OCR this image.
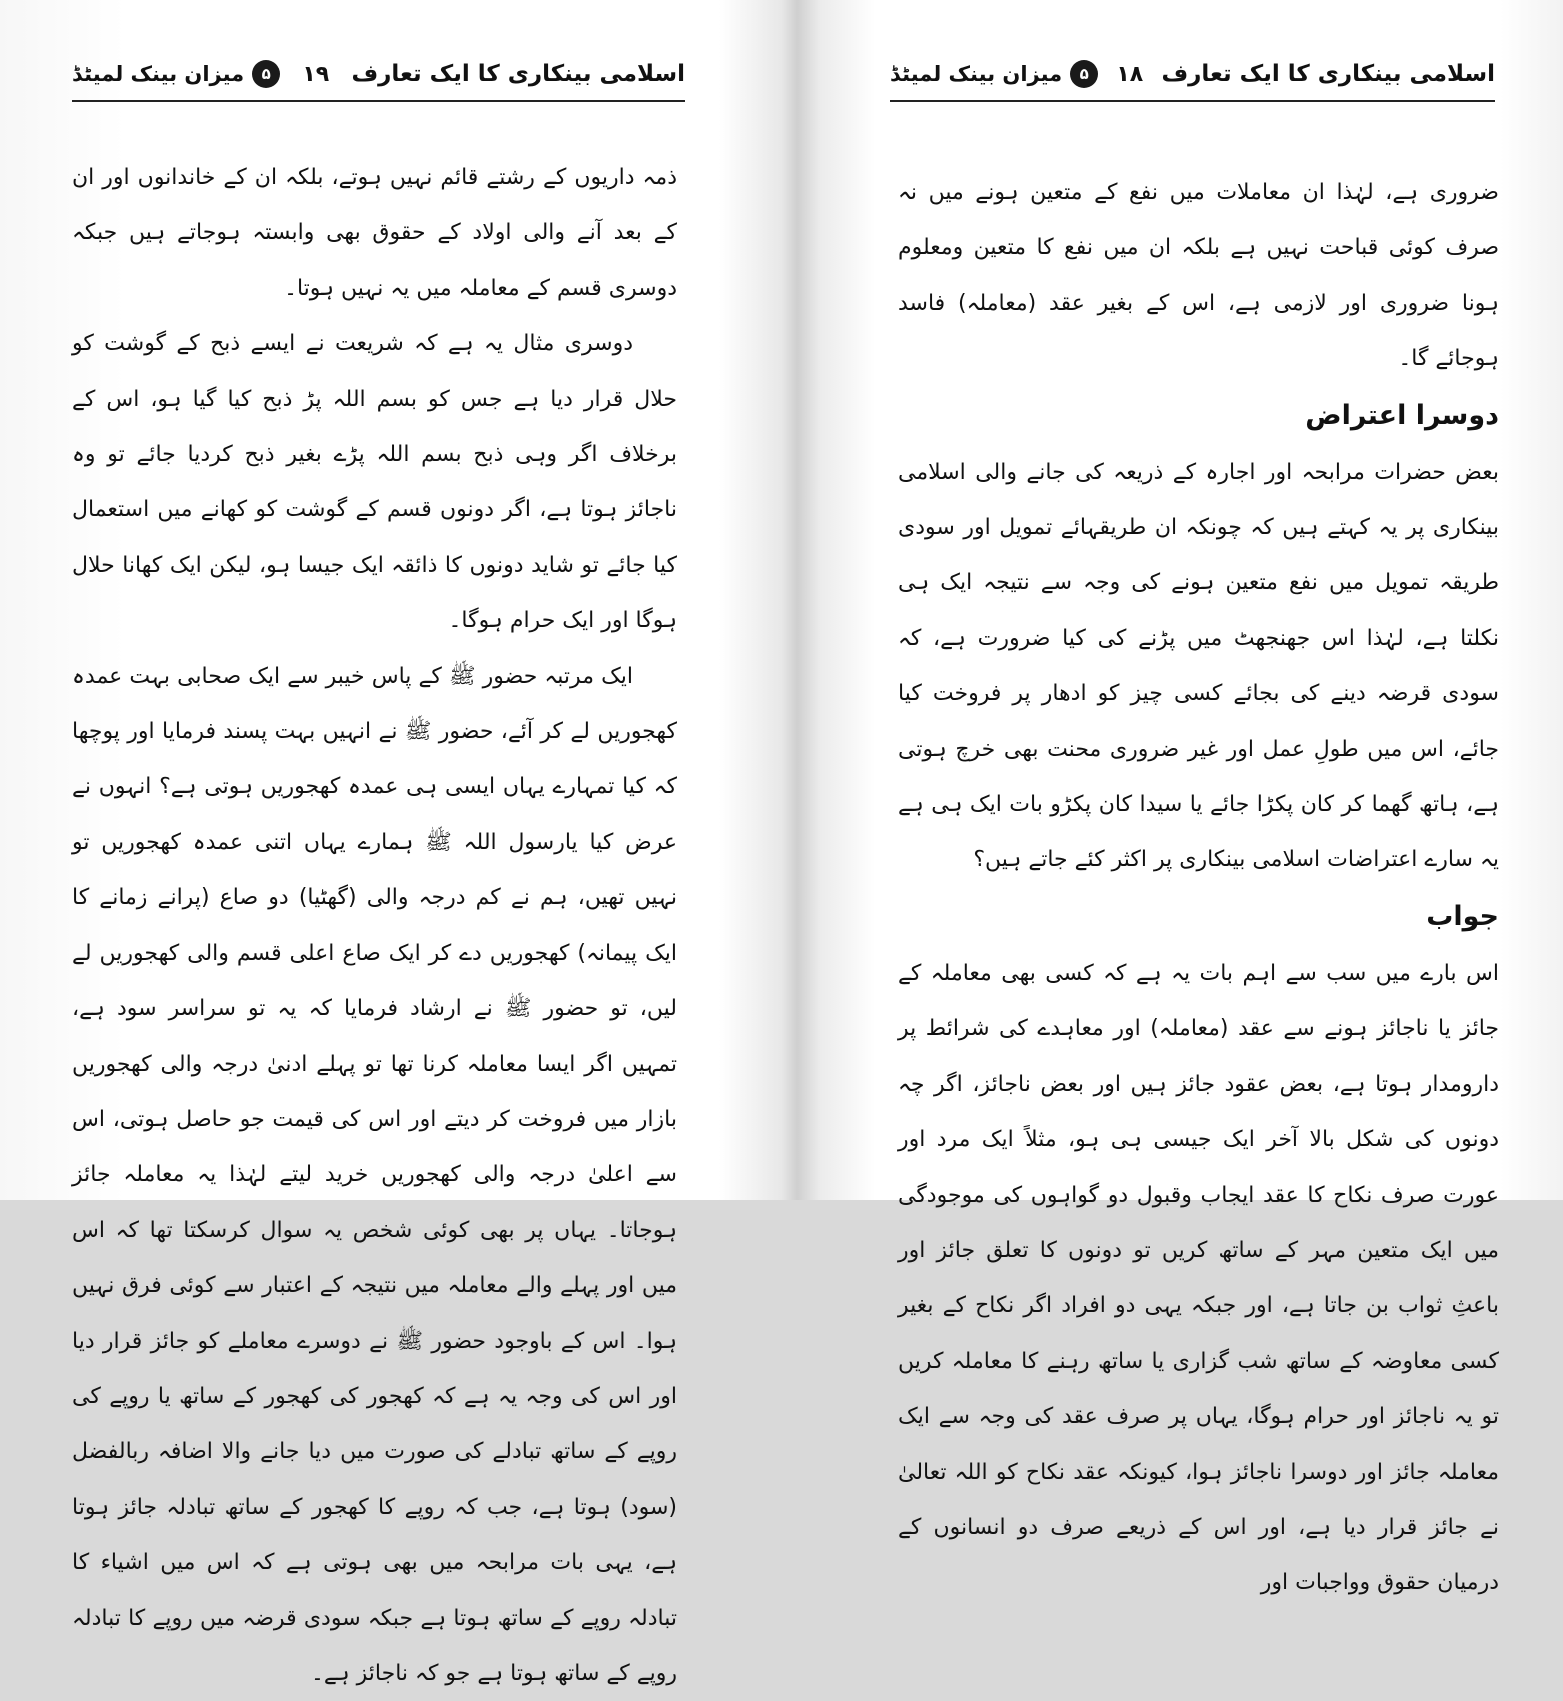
اسلامی بینکاری کا ایک تعارف
۱۹
۵
میزان بینک لمیٹڈ

ذمہ داریوں کے رشتے قائم نہیں ہوتے، بلکہ ان کے خاندانوں اور ان کے بعد آنے والی اولاد کے حقوق بھی وابستہ ہوجاتے ہیں جبکہ دوسری قسم کے معاملہ میں یہ نہیں ہوتا۔

دوسری مثال یہ ہے کہ شریعت نے ایسے ذبح کے گوشت کو حلال قرار دیا ہے جس کو بسم اللہ پڑ ذبح کیا گیا ہو، اس کے برخلاف اگر وہی ذبح بسم اللہ پڑے بغیر ذبح کردیا جائے تو وہ ناجائز ہوتا ہے، اگر دونوں قسم کے گوشت کو کھانے میں استعمال کیا جائے تو شاید دونوں کا ذائقہ ایک جیسا ہو، لیکن ایک کھانا حلال ہوگا اور ایک حرام ہوگا۔

ایک مرتبہ حضور ﷺ کے پاس خیبر سے ایک صحابی بہت عمدہ کھجوریں لے کر آئے، حضور ﷺ نے انہیں بہت پسند فرمایا اور پوچھا کہ کیا تمہارے یہاں ایسی ہی عمدہ کھجوریں ہوتی ہے؟ انہوں نے عرض کیا یارسول اللہ ﷺ ہمارے یہاں اتنی عمدہ کھجوریں تو نہیں تھیں، ہم نے کم درجہ والی (گھٹیا) دو صاع (پرانے زمانے کا ایک پیمانہ) کھجوریں دے کر ایک صاع اعلی قسم والی کھجوریں لے لیں، تو حضور ﷺ نے ارشاد فرمایا کہ یہ تو سراسر سود ہے، تمہیں اگر ایسا معاملہ کرنا تھا تو پہلے ادنیٰ درجہ والی کھجوریں بازار میں فروخت کر دیتے اور اس کی قیمت جو حاصل ہوتی، اس سے اعلیٰ درجہ والی کھجوریں خرید لیتے لہٰذا یہ معاملہ جائز ہوجاتا۔ یہاں پر بھی کوئی شخص یہ سوال کرسکتا تھا کہ اس میں اور پہلے والے معاملہ میں نتیجہ کے اعتبار سے کوئی فرق نہیں ہوا۔ اس کے باوجود حضور ﷺ نے دوسرے معاملے کو جائز قرار دیا اور اس کی وجہ یہ ہے کہ کھجور کی کھجور کے ساتھ یا روپے کی روپے کے ساتھ تبادلے کی صورت میں دیا جانے والا اضافہ ربالفضل (سود) ہوتا ہے، جب کہ روپے کا کھجور کے ساتھ تبادلہ جائز ہوتا ہے، یہی بات مرابحہ میں بھی ہوتی ہے کہ اس میں اشیاء کا تبادلہ روپے کے ساتھ ہوتا ہے جبکہ سودی قرضہ میں روپے کا تبادلہ روپے کے ساتھ ہوتا ہے جو کہ ناجائز ہے۔

اسلامی بینکاری کا ایک تعارف
۱۸
۵
میزان بینک لمیٹڈ

ضروری ہے، لہٰذا ان معاملات میں نفع کے متعین ہونے میں نہ صرف کوئی قباحت نہیں ہے بلکہ ان میں نفع کا متعین ومعلوم ہونا ضروری اور لازمی ہے، اس کے بغیر عقد (معاملہ) فاسد ہوجائے گا۔

دوسرا اعتراض

بعض حضرات مرابحہ اور اجارہ کے ذریعہ کی جانے والی اسلامی بینکاری پر یہ کہتے ہیں کہ چونکہ ان طریقہائے تمویل اور سودی طریقہ تمویل میں نفع متعین ہونے کی وجہ سے نتیجہ ایک ہی نکلتا ہے، لہٰذا اس جھنجھٹ میں پڑنے کی کیا ضرورت ہے، کہ سودی قرضہ دینے کی بجائے کسی چیز کو ادھار پر فروخت کیا جائے، اس میں طولِ عمل اور غیر ضروری محنت بھی خرچ ہوتی ہے، ہاتھ گھما کر کان پکڑا جائے یا سیدا کان پکڑو بات ایک ہی ہے یہ سارے اعتراضات اسلامی بینکاری پر اکثر کئے جاتے ہیں؟

جواب

اس بارے میں سب سے اہم بات یہ ہے کہ کسی بھی معاملہ کے جائز یا ناجائز ہونے سے عقد (معاملہ) اور معاہدے کی شرائط پر دارومدار ہوتا ہے، بعض عقود جائز ہیں اور بعض ناجائز، اگر چہ دونوں کی شکل بالا آخر ایک جیسی ہی ہو، مثلاً ایک مرد اور عورت صرف نکاح کا عقد ایجاب وقبول دو گواہوں کی موجودگی میں ایک متعین مہر کے ساتھ کریں تو دونوں کا تعلق جائز اور باعثِ ثواب بن جاتا ہے، اور جبکہ یہی دو افراد اگر نکاح کے بغیر کسی معاوضہ کے ساتھ شب گزاری یا ساتھ رہنے کا معاملہ کریں تو یہ ناجائز اور حرام ہوگا، یہاں پر صرف عقد کی وجہ سے ایک معاملہ جائز اور دوسرا ناجائز ہوا، کیونکہ عقد نکاح کو اللہ تعالیٰ نے جائز قرار دیا ہے، اور اس کے ذریعے صرف دو انسانوں کے درمیان حقوق وواجبات اور
